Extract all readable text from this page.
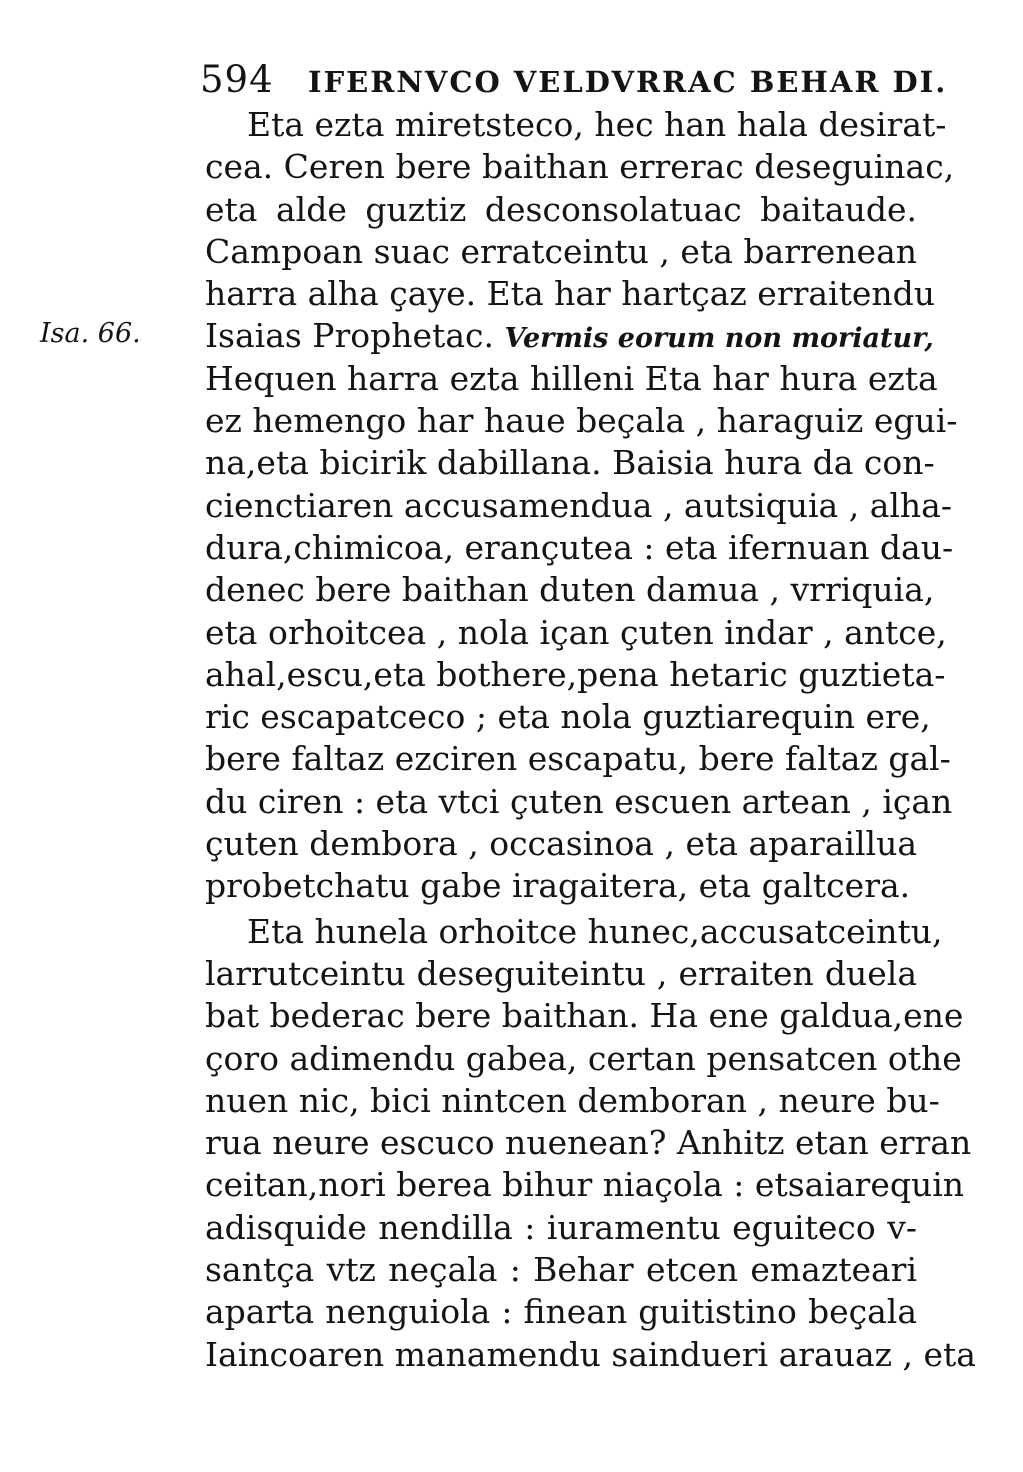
594 IFERNVCO VELDVRRAC BEHAR DI.
Isa. 66.
Eta ezta miretsteco, hec han hala desirat-
cea. Ceren bere baithan errerac deseguinac,
eta alde guztiz desconsolatuac baitaude.
Campoan suac erratceintu , eta barrenean
harra alha çaye. Eta har hartçaz erraitendu
Isaias Prophetac. Vermis eorum non moriatur,
Hequen harra ezta hilleni Eta har hura ezta
ez hemengo har haue beçala , haraguiz egui-
na,eta bicirik dabillana. Baisia hura da con-
cienctiaren accusamendua , autsiquia , alha-
dura,chimicoa, erançutea : eta ifernuan dau-
denec bere baithan duten damua , vrriquia,
eta orhoitcea , nola içan çuten indar , antce,
ahal,escu,eta bothere,pena hetaric guztieta-
ric escapatceco ; eta nola guztiarequin ere,
bere faltaz ezciren escapatu, bere faltaz gal-
du ciren : eta vtci çuten escuen artean , içan
çuten dembora , occasinoa , eta aparaillua
probetchatu gabe iragaitera, eta galtcera.
Eta hunela orhoitce hunec,accusatceintu,
larrutceintu deseguiteintu , erraiten duela
bat bederac bere baithan. Ha ene galdua,ene
çoro adimendu gabea, certan pensatcen othe
nuen nic, bici nintcen demboran , neure bu-
rua neure escuco nuenean? Anhitz etan erran
ceitan,nori berea bihur niaçola : etsaiarequin
adisquide nendilla : iuramentu eguiteco v-
santça vtz neçala : Behar etcen emazteari
aparta nenguiola : finean guitistino beçala
Iaincoaren manamendu saindueri arauaz , eta
